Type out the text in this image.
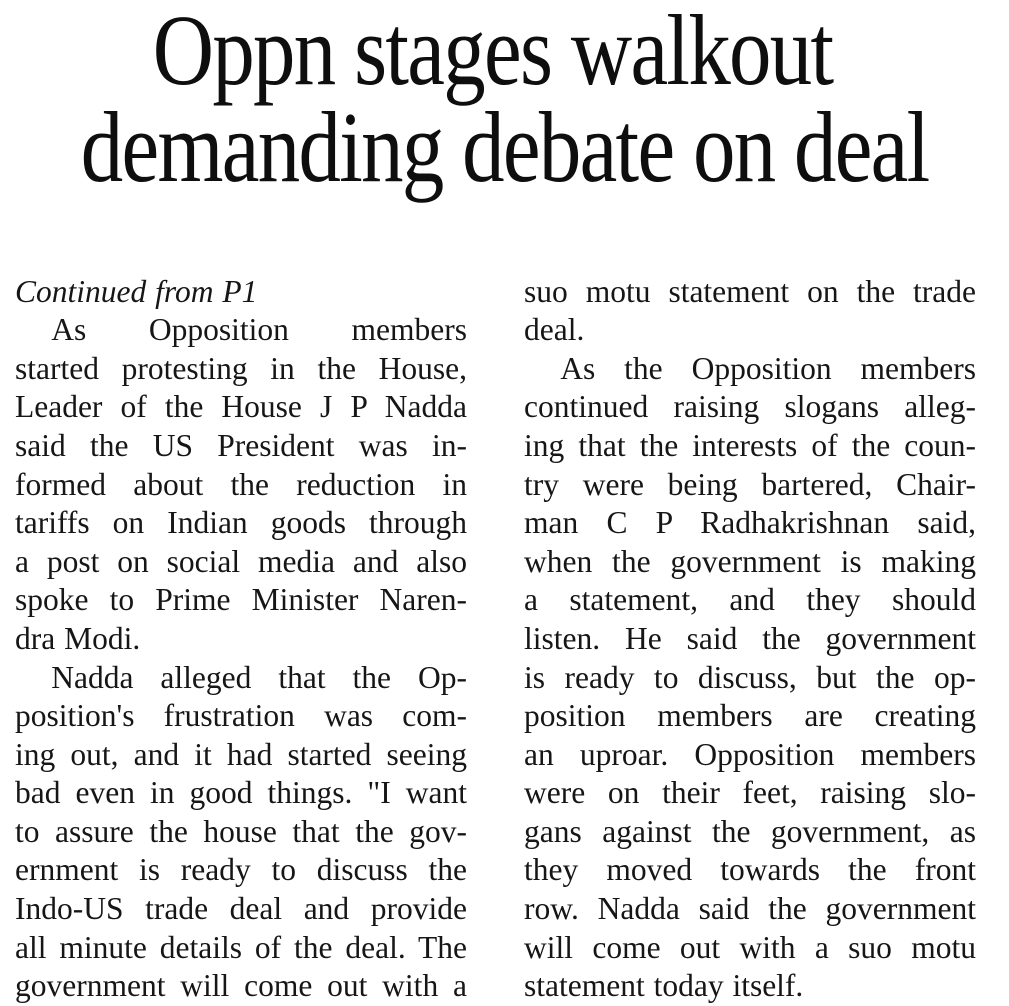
Oppn stages walkout
demanding debate on deal
Continued from P1
As Opposition members
started protesting in the House,
Leader of the House J P Nadda
said the US President was in-
formed about the reduction in
tariffs on Indian goods through
a post on social media and also
spoke to Prime Minister Naren-
dra Modi.
Nadda alleged that the Op-
position's frustration was com-
ing out, and it had started seeing
bad even in good things. "I want
to assure the house that the gov-
ernment is ready to discuss the
Indo-US trade deal and provide
all minute details of the deal. The
government will come out with a
suo motu statement on the trade
deal.
As the Opposition members
continued raising slogans alleg-
ing that the interests of the coun-
try were being bartered, Chair-
man C P Radhakrishnan said,
when the government is making
a statement, and they should
listen. He said the government
is ready to discuss, but the op-
position members are creating
an uproar. Opposition members
were on their feet, raising slo-
gans against the government, as
they moved towards the front
row. Nadda said the government
will come out with a suo motu
statement today itself.
